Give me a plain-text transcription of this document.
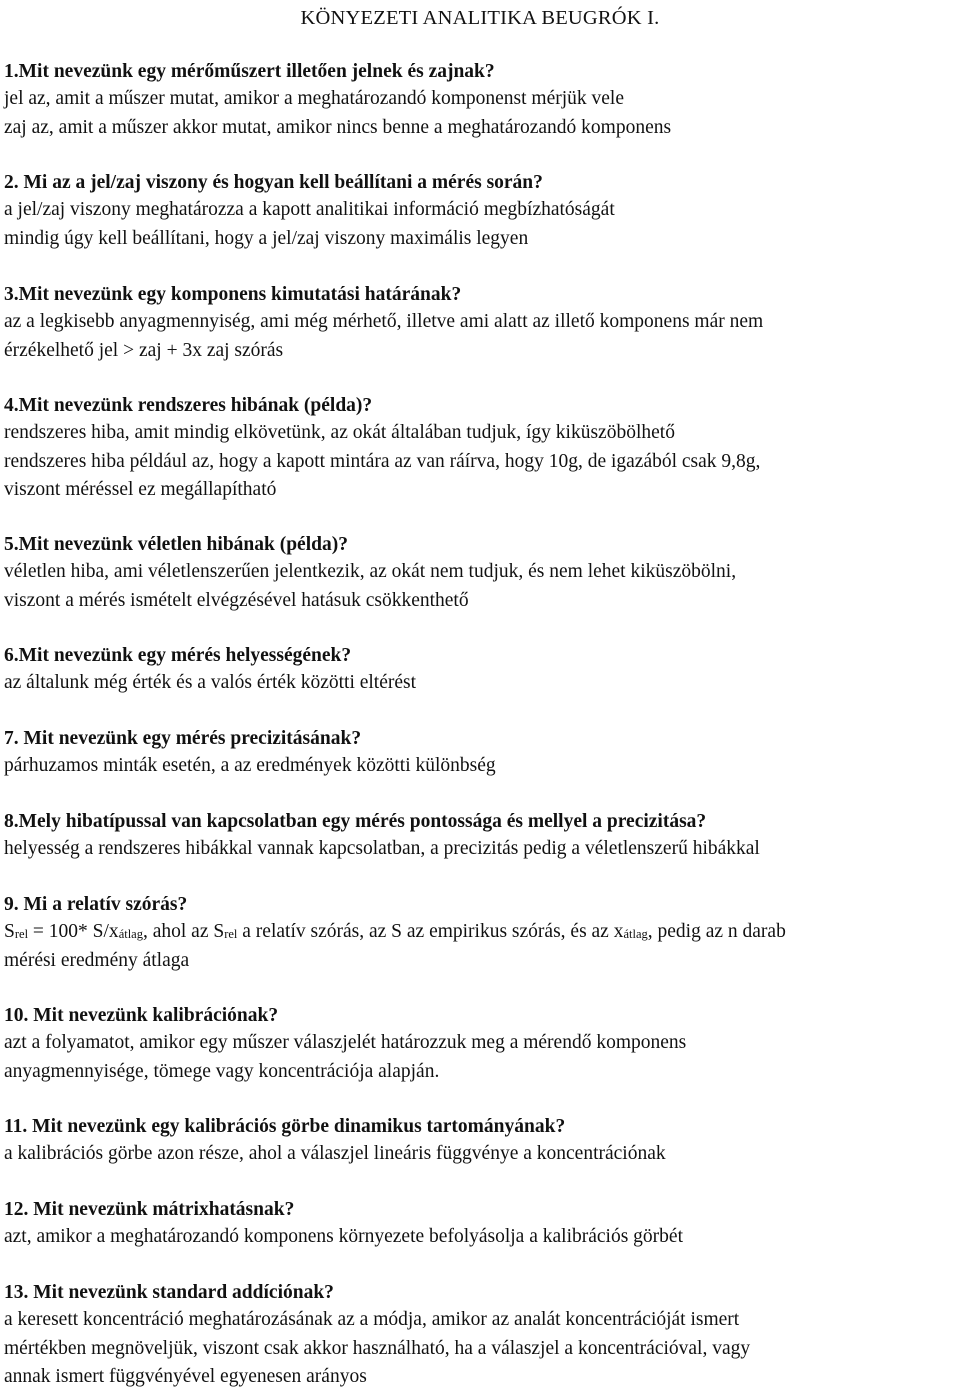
KÖNYEZETI ANALITIKA BEUGRÓK I.

1.Mit nevezünk egy mérőműszert illetően jelnek és zajnak?

jel az, amit a műszer mutat, amikor a meghatározandó komponenst mérjük vele

zaj az, amit a műszer akkor mutat, amikor nincs benne a meghatározandó komponens

2. Mi az a jel/zaj viszony és hogyan kell beállítani a mérés során?

a jel/zaj viszony meghatározza a kapott analitikai információ megbízhatóságát

mindig úgy kell beállítani, hogy a jel/zaj viszony maximális legyen

3.Mit nevezünk egy komponens kimutatási határának?

az a legkisebb anyagmennyiség, ami még mérhető, illetve ami alatt az illető komponens már nem

érzékelhető jel > zaj + 3x zaj szórás

4.Mit nevezünk rendszeres hibának (példa)?

rendszeres hiba, amit mindig elkövetünk, az okát általában tudjuk, így kiküszöbölhető

rendszeres hiba például az, hogy a kapott mintára az van ráírva, hogy 10g, de igazából csak 9,8g,

viszont méréssel ez megállapítható

5.Mit nevezünk véletlen hibának (példa)?

véletlen hiba, ami véletlenszerűen jelentkezik, az okát nem tudjuk, és nem lehet kiküszöbölni,

viszont a mérés ismételt elvégzésével hatásuk csökkenthető

6.Mit nevezünk egy mérés helyességének?

az általunk még érték és a valós érték közötti eltérést

7. Mit nevezünk egy mérés precizitásának?

párhuzamos minták esetén, a az eredmények közötti különbség

8.Mely hibatípussal van kapcsolatban egy mérés pontossága és mellyel a precizitása?

helyesség a rendszeres hibákkal vannak kapcsolatban, a precizitás pedig a véletlenszerű hibákkal

9. Mi a relatív szórás?

$S_{rel} = 100*$ $S/x_{átlag}$, ahol az $S_{rel}$ a relatív szórás, az S az empirikus szórás, és az $x_{átlag}$, pedig az n darab

mérési eredmény átlaga

10. Mit nevezünk kalibrációnak?

azt a folyamatot, amikor egy műszer válaszjelét határozzuk meg a mérendő komponens

anyagmennyisége, tömege vagy koncentrációja alapján.

11. Mit nevezünk egy kalibrációs görbe dinamikus tartományának?

a kalibrációs görbe azon része, ahol a válaszjel lineáris függvénye a koncentrációnak

12. Mit nevezünk mátrixhatásnak?

azt, amikor a meghatározandó komponens környezete befolyásolja a kalibrációs görbét

13. Mit nevezünk standard addíciónak?

a keresett koncentráció meghatározásának az a módja, amikor az analát koncentrációját ismert

mértékben megnöveljük, viszont csak akkor használható, ha a válaszjel a koncentrációval, vagy

annak ismert függvényével egyenesen arányos
